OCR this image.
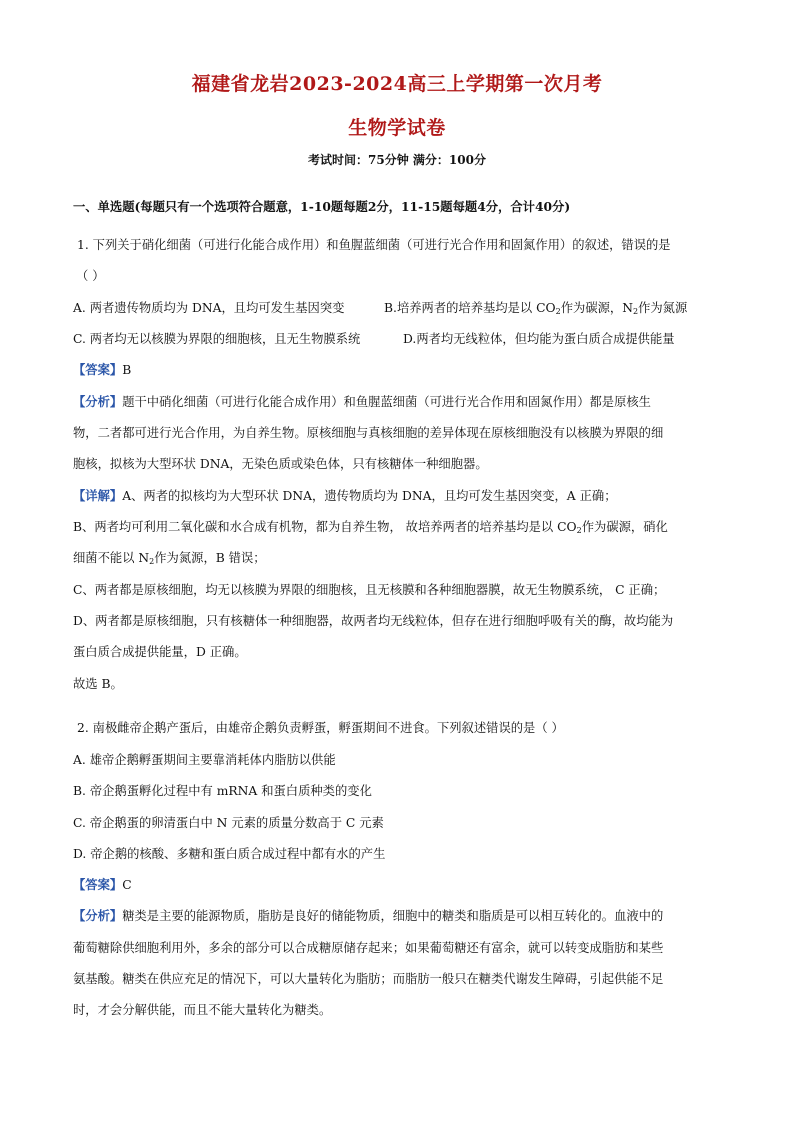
福建省龙岩2023-2024高三上学期第一次月考
生物学试卷
考试时间：75分钟 满分：100分
一、单选题(每题只有一个选项符合题意，1-10题每题2分，11-15题每题4分，合计40分)
1. 下列关于硝化细菌（可进行化能合成作用）和鱼腥蓝细菌（可进行光合作用和固氮作用）的叙述，错误的是
（ ）
A. 两者遗传物质均为 DNA，且均可发生基因突变	B.培养两者的培养基均是以 $CO_2$作为碳源，$N_2$作为氮源
C. 两者均无以核膜为界限的细胞核，且无生物膜系统	D.两者均无线粒体，但均能为蛋白质合成提供能量
【答案】B
【分析】题干中硝化细菌（可进行化能合成作用）和鱼腥蓝细菌（可进行光合作用和固氮作用）都是原核生
物，二者都可进行光合作用，为自养生物。原核细胞与真核细胞的差异体现在原核细胞没有以核膜为界限的细
胞核，拟核为大型环状 DNA，无染色质或染色体，只有核糖体一种细胞器。
【详解】A、两者的拟核均为大型环状 DNA，遗传物质均为 DNA，且均可发生基因突变，A 正确；
B、两者均可利用二氧化碳和水合成有机物，都为自养生物， 故培养两者的培养基均是以 $CO_2$作为碳源，硝化
细菌不能以 $N_2$作为氮源，B 错误；
C、两者都是原核细胞，均无以核膜为界限的细胞核，且无核膜和各种细胞器膜，故无生物膜系统， C 正确；
D、两者都是原核细胞，只有核糖体一种细胞器，故两者均无线粒体，但存在进行细胞呼吸有关的酶，故均能为
蛋白质合成提供能量，D 正确。
故选 B。
2. 南极雌帝企鹅产蛋后，由雄帝企鹅负责孵蛋，孵蛋期间不进食。下列叙述错误的是（ ）
A. 雄帝企鹅孵蛋期间主要靠消耗体内脂肪以供能
B. 帝企鹅蛋孵化过程中有 mRNA 和蛋白质种类的变化
C. 帝企鹅蛋的卵清蛋白中 N 元素的质量分数高于 C 元素
D. 帝企鹅的核酸、多糖和蛋白质合成过程中都有水的产生
【答案】C
【分析】糖类是主要的能源物质，脂肪是良好的储能物质，细胞中的糖类和脂质是可以相互转化的。血液中的
葡萄糖除供细胞利用外，多余的部分可以合成糖原储存起来；如果葡萄糖还有富余，就可以转变成脂肪和某些
氨基酸。糖类在供应充足的情况下，可以大量转化为脂肪；而脂肪一般只在糖类代谢发生障碍，引起供能不足
时，才会分解供能，而且不能大量转化为糖类。
